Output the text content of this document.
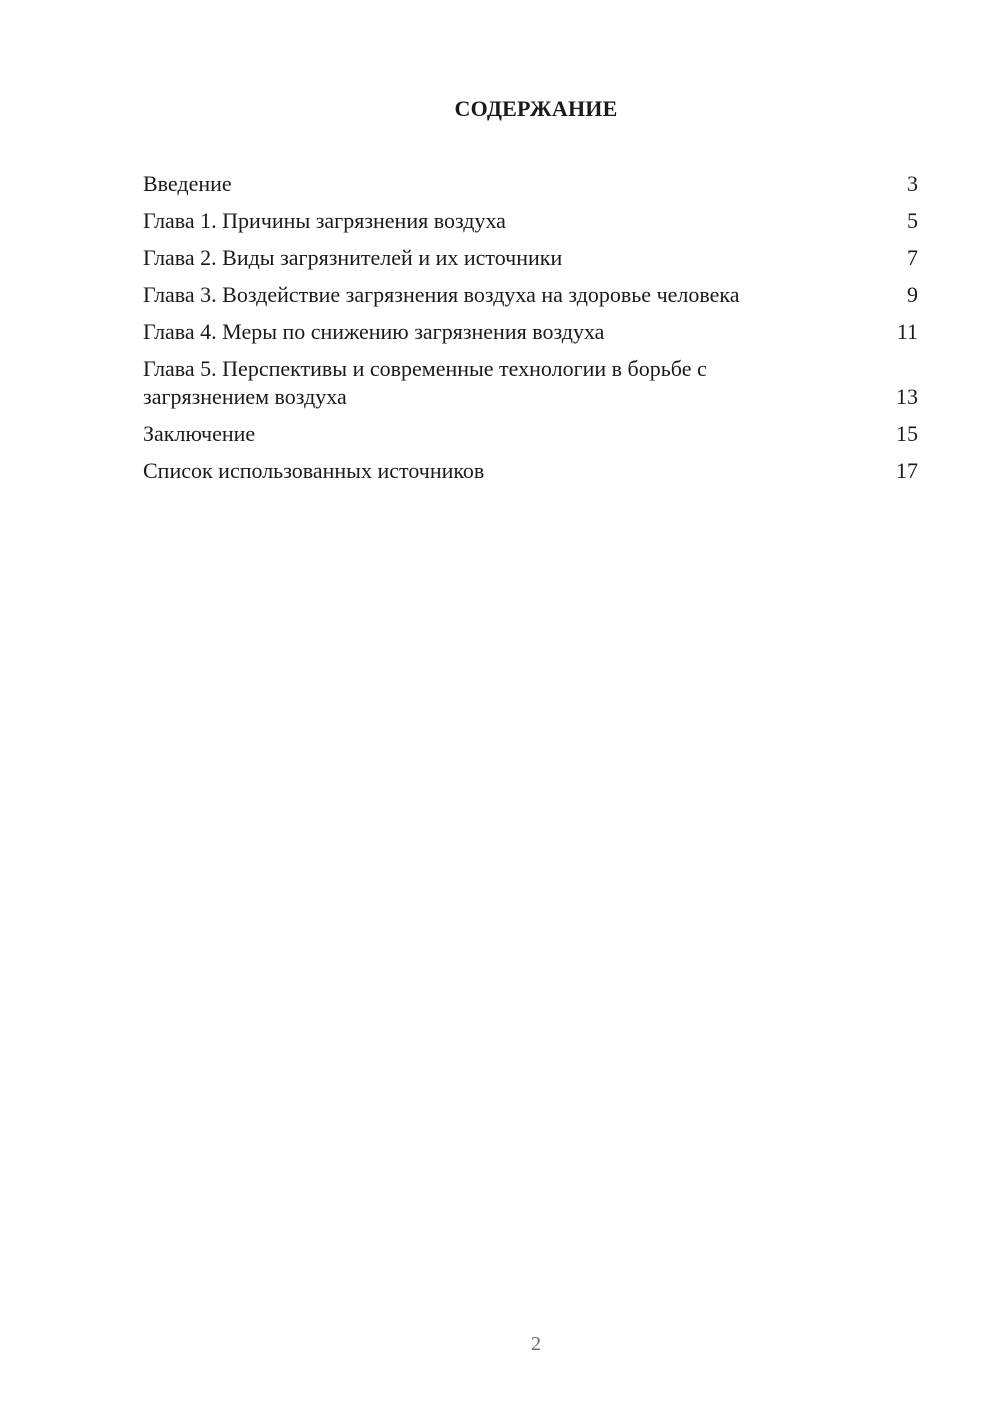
СОДЕРЖАНИЕ
Введение	3
Глава 1. Причины загрязнения воздуха	5
Глава 2. Виды загрязнителей и их источники	7
Глава 3. Воздействие загрязнения воздуха на здоровье человека	9
Глава 4. Меры по снижению загрязнения воздуха	11
Глава 5. Перспективы и современные технологии в борьбе с загрязнением воздуха	13
Заключение	15
Список использованных источников	17
2
